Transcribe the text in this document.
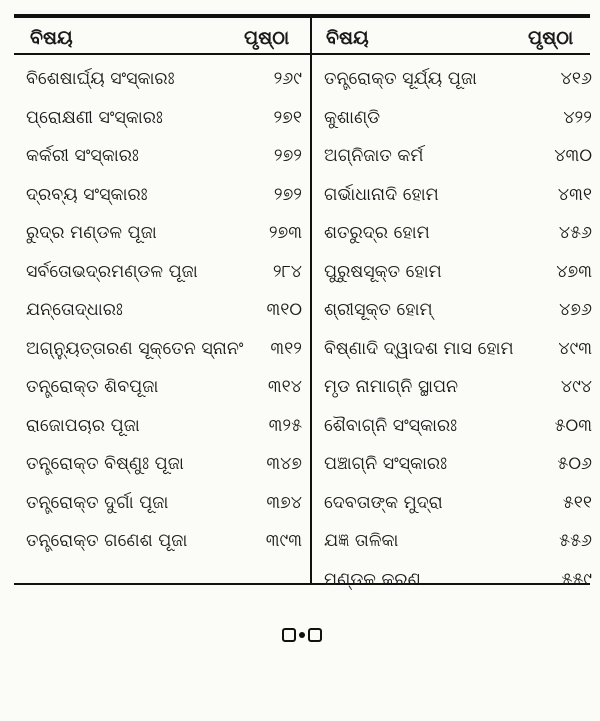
ବିଷୟ	ପୃଷ୍ଠା ବିଷୟ	ପୃଷ୍ଠା
ବିଶେଷାର୍ଘ୍ୟ ସଂସ୍କାରଃ	୨୬୯
ପ୍ରୋକ୍ଷଣୀ ସଂସ୍କାରଃ	୨୭୧
କର୍କରୀ ସଂସ୍କାରଃ	୨୭୨
ଦ୍ରବ୍ୟ ସଂସ୍କାରଃ	୨୭୨
ରୁଦ୍ର ମଣ୍ଡଳ ପୂଜା	୨୭୩
ସର୍ବତୋଭଦ୍ରମଣ୍ଡଳ ପୂଜା	୨୮୪
ଯନ୍ତୋଦ୍ଧାରଃ	୩୧୦
ଅଗ୍ନ୍ୟୁତ୍ତାରଣ ସୂକ୍ତେନ ସ୍ନାନଂ ୩୧୨
ତନ୍ତ୍ରୋକ୍ତ ଶିବପୂଜା	୩୧୪
ରାଜୋପଚାର ପୂଜା	୩୨୫
ତନ୍ତ୍ରୋକ୍ତ ବିଷ୍ଣୁଃ ପୂଜା	୩୪୭
ତନ୍ତ୍ରୋକ୍ତ ଦୁର୍ଗା ପୂଜା	୩୭୪
ତନ୍ତ୍ରୋକ୍ତ ଗଣେଶ ପୂଜା	୩୯୩
ତନ୍ତ୍ରୋକ୍ତ ସୂର୍ଯ୍ୟ ପୂଜା	୪୧୬
କୁଶାଣ୍ଡି	୪୨୨
ଅଗ୍ନିଜାତ କର୍ମ	୪୩୦
ଗର୍ଭାଧାନାଦି ହୋମ	୪୩୧
ଶତରୁଦ୍ର ହୋମ	୪୫୬
ପୁରୁଷସୂକ୍ତ ହୋମ	୪୭୩
ଶ୍ରୀସୂକ୍ତ ହୋମ୍	୪୭୬
ବିଷ୍ଣାଦି ଦ୍ୱାଦଶ ମାସ ହୋମ	୪୯୩
ମୃଡ ନାମାଗ୍ନି ସ୍ଥାପନ	୪୯୪
ଶୈବାଗ୍ନି ସଂସ୍କାରଃ	୫୦୩
ପଞ୍ଚାଗ୍ନି ସଂସ୍କାରଃ	୫୦୬
ଦେବତାଙ୍କ ମୁଦ୍ରା	୫୧୧
ଯଜ୍ଞ ତାଳିକା	୫୫୬
ମଣ୍ଡଳ କରଣ	୫୫୯
